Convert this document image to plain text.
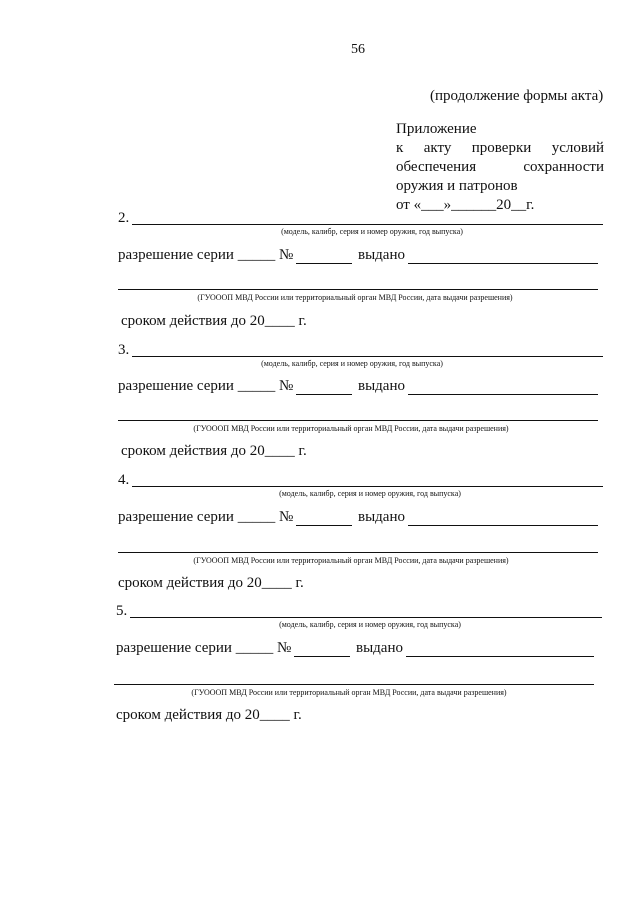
56
(продолжение формы акта)
Приложение
к акту проверки условий
обеспечения	сохранности
оружия и патронов
от «___»______20__г.
2.
(модель, калибр, серия и номер оружия, год выпуска)
разрешение серии _____ №	выдано
(ГУОООП МВД России или территориальный орган МВД России, дата выдачи разрешения)
сроком действия до 20____ г.
3.
(модель, калибр, серия и номер оружия, год выпуска)
разрешение серии _____ №	выдано
(ГУОООП МВД России или территориальный орган МВД России, дата выдачи разрешения)
сроком действия до 20____ г.
4.
(модель, калибр, серия и номер оружия, год выпуска)
разрешение серии _____ №	выдано
(ГУОООП МВД России или территориальный орган МВД России, дата выдачи разрешения)
сроком действия до 20____ г.
5.
(модель, калибр, серия и номер оружия, год выпуска)
разрешение серии _____ №	выдано
(ГУОООП МВД России или территориальный орган МВД России, дата выдачи разрешения)
сроком действия до 20____ г.
